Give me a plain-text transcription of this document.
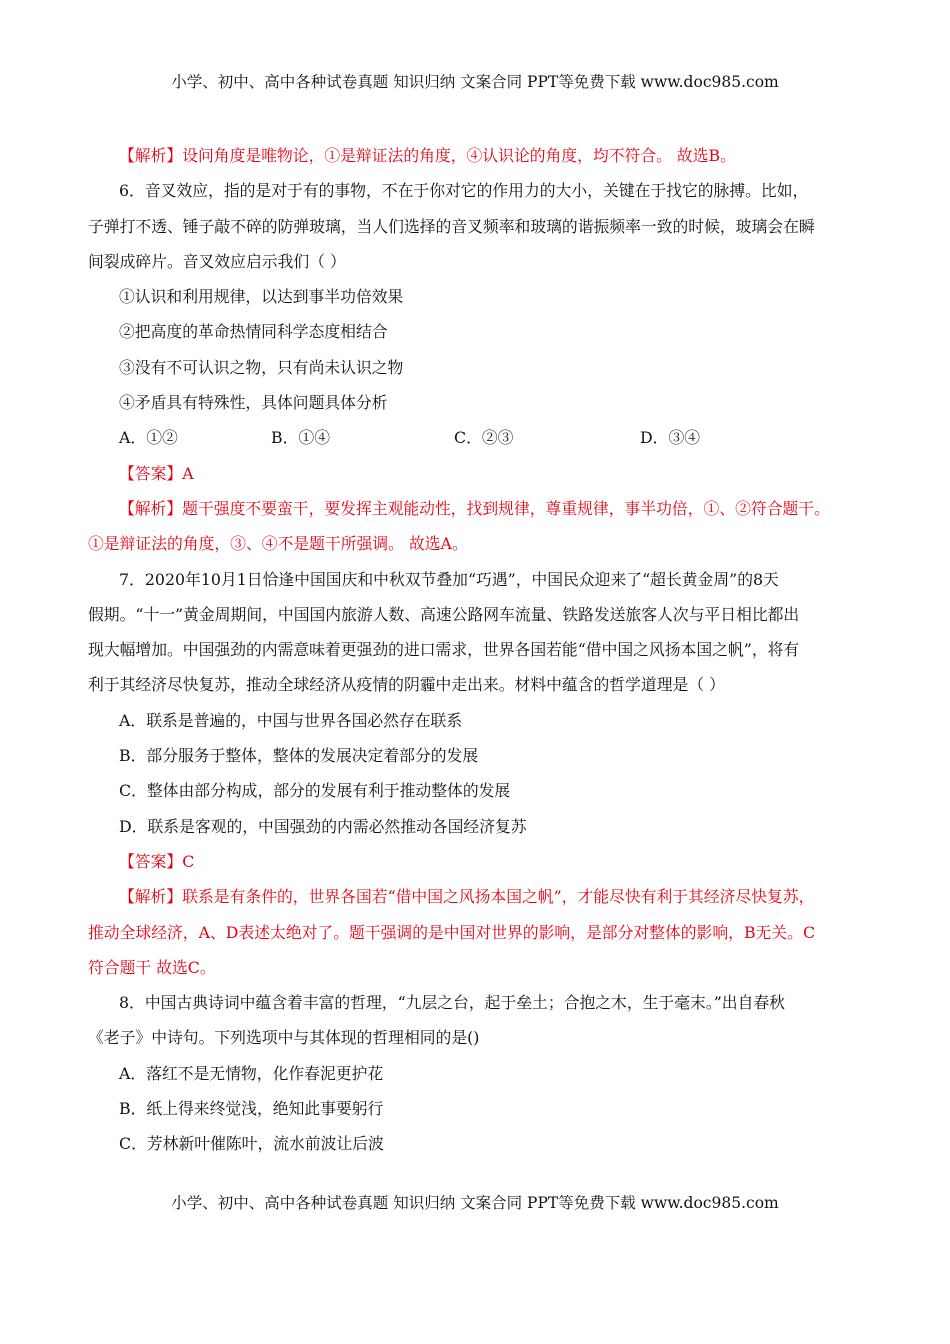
小学、初中、高中各种试卷真题 知识归纳 文案合同 PPT等免费下载 www.doc985.com
【解析】设问角度是唯物论，①是辩证法的角度，④认识论的角度，均不符合。 故选B。
6．音叉效应，指的是对于有的事物，不在于你对它的作用力的大小，关键在于找它的脉搏。比如，
子弹打不透、锤子敲不碎的防弹玻璃，当人们选择的音叉频率和玻璃的谐振频率一致的时候，玻璃会在瞬
间裂成碎片。音叉效应启示我们（ ）
①认识和利用规律，以达到事半功倍效果
②把高度的革命热情同科学态度相结合
③没有不可认识之物，只有尚未认识之物
④矛盾具有特殊性，具体问题具体分析
A．①②	B．①④	C．②③	D．③④
【答案】A
【解析】题干强度不要蛮干，要发挥主观能动性，找到规律，尊重规律，事半功倍，①、②符合题干。
①是辩证法的角度，③、④不是题干所强调。 故选A。
7．2020年10月1日恰逢中国国庆和中秋双节叠加“巧遇”，中国民众迎来了“超长黄金周”的8天
假期。“十一”黄金周期间，中国国内旅游人数、高速公路网车流量、铁路发送旅客人次与平日相比都出
现大幅增加。中国强劲的内需意味着更强劲的进口需求，世界各国若能“借中国之风扬本国之帆”，将有
利于其经济尽快复苏，推动全球经济从疫情的阴霾中走出来。材料中蕴含的哲学道理是（ ）
A．联系是普遍的，中国与世界各国必然存在联系
B．部分服务于整体，整体的发展决定着部分的发展
C．整体由部分构成，部分的发展有利于推动整体的发展
D．联系是客观的，中国强劲的内需必然推动各国经济复苏
【答案】C
【解析】联系是有条件的，世界各国若“借中国之风扬本国之帆”，才能尽快有利于其经济尽快复苏，
推动全球经济，A、D表述太绝对了。题干强调的是中国对世界的影响，是部分对整体的影响，B无关。C
符合题干 故选C。
8．中国古典诗词中蕴含着丰富的哲理，“九层之台，起于垒土；合抱之木，生于毫末。”出自春秋
《老子》中诗句。下列选项中与其体现的哲理相同的是()
A．落红不是无情物，化作春泥更护花
B．纸上得来终觉浅，绝知此事要躬行
C．芳林新叶催陈叶，流水前波让后波
小学、初中、高中各种试卷真题 知识归纳 文案合同 PPT等免费下载 www.doc985.com
